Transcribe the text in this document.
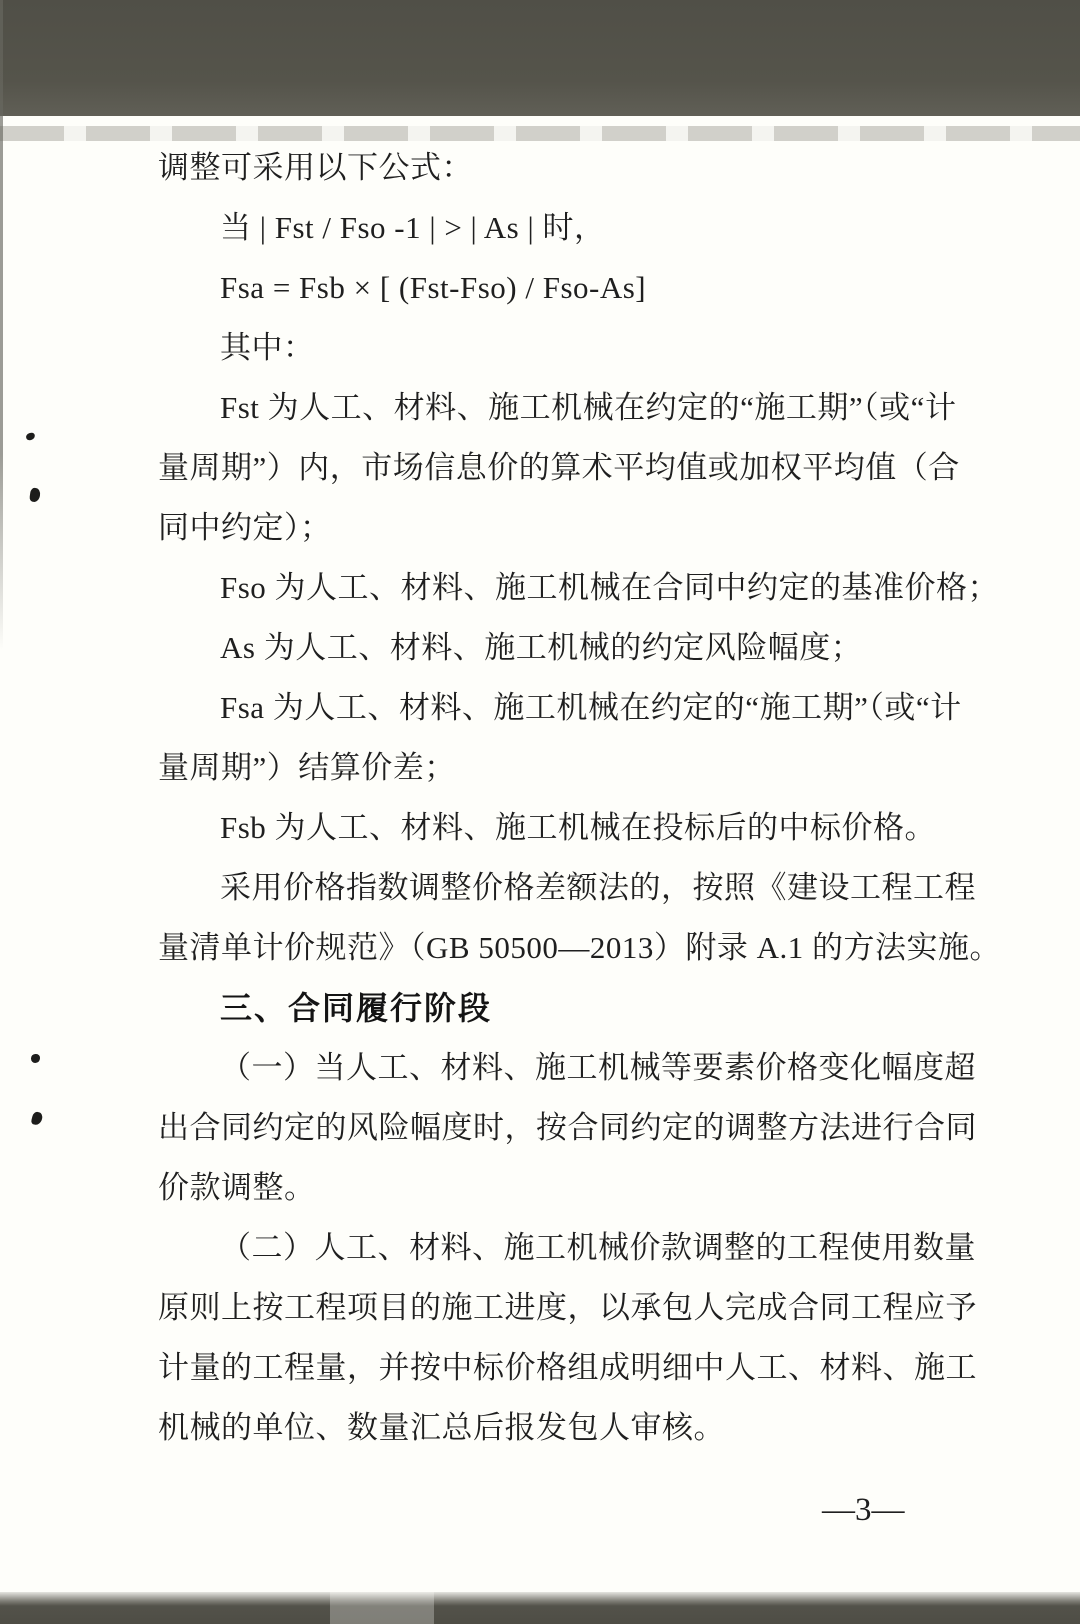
调整可采用以下公式：
当 | Fst / Fso -1 | > | As | 时，
Fsa = Fsb × [ (Fst-Fso) / Fso-As]
其中：
Fst 为人工、材料、施工机械在约定的“施工期”（或“计
量周期”）内，市场信息价的算术平均值或加权平均值（合
同中约定）；
Fso 为人工、材料、施工机械在合同中约定的基准价格；
As 为人工、材料、施工机械的约定风险幅度；
Fsa 为人工、材料、施工机械在约定的“施工期”（或“计
量周期”）结算价差；
Fsb 为人工、材料、施工机械在投标后的中标价格。
采用价格指数调整价格差额法的，按照《建设工程工程
量清单计价规范》（GB 50500—2013）附录 A.1 的方法实施。
三、合同履行阶段
（一）当人工、材料、施工机械等要素价格变化幅度超
出合同约定的风险幅度时，按合同约定的调整方法进行合同
价款调整。
（二）人工、材料、施工机械价款调整的工程使用数量
原则上按工程项目的施工进度，以承包人完成合同工程应予
计量的工程量，并按中标价格组成明细中人工、材料、施工
机械的单位、数量汇总后报发包人审核。
—3—
